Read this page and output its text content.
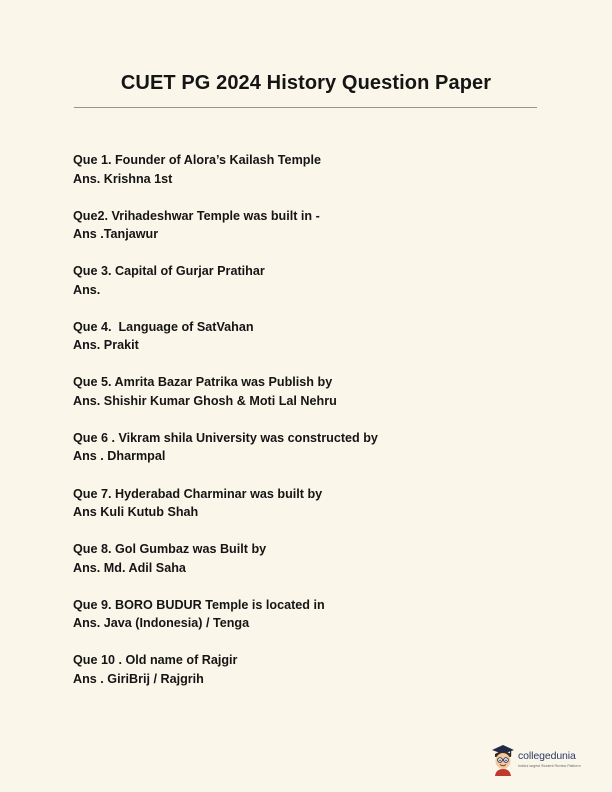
CUET PG 2024 History Question Paper
Que 1. Founder of Alora’s Kailash Temple
Ans. Krishna 1st
Que2. Vrihadeshwar Temple was built in -
Ans .Tanjawur
Que 3. Capital of Gurjar Pratihar
Ans.
Que 4.  Language of SatVahan
Ans. Prakit
Que 5. Amrita Bazar Patrika was Publish by
Ans. Shishir Kumar Ghosh & Moti Lal Nehru
Que 6 . Vikram shila University was constructed by
Ans . Dharmpal
Que 7. Hyderabad Charminar was built by
Ans Kuli Kutub Shah
Que 8. Gol Gumbaz was Built by
Ans. Md. Adil Saha
Que 9. BORO BUDUR Temple is located in
Ans. Java (Indonesia) / Tenga
Que 10 . Old name of Rajgir
Ans . GiriBrij / Rajgrih
collegedunia
India's largest Student Review Platform
